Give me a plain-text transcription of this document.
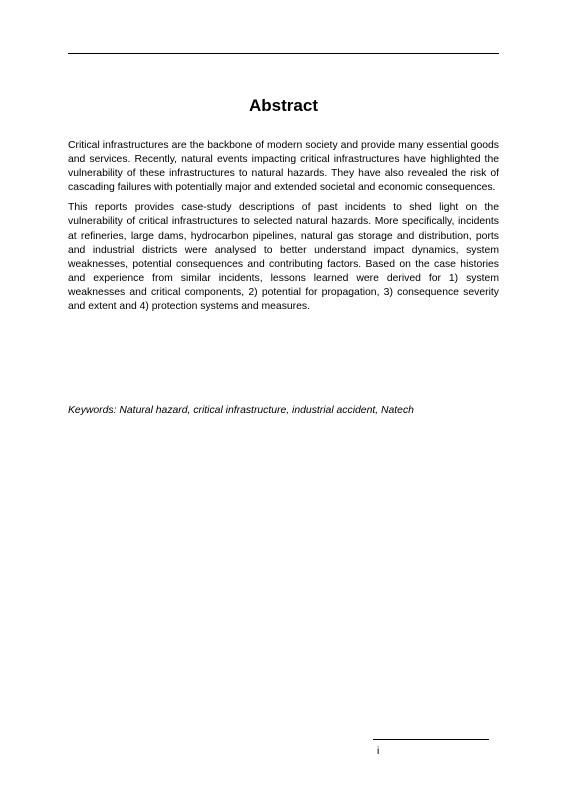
Abstract

Critical infrastructures are the backbone of modern society and provide many essential goods and services. Recently, natural events impacting critical infrastructures have highlighted the vulnerability of these infrastructures to natural hazards. They have also revealed the risk of cascading failures with potentially major and extended societal and economic consequences.

This reports provides case-study descriptions of past incidents to shed light on the vulnerability of critical infrastructures to selected natural hazards. More specifically, incidents at refineries, large dams, hydrocarbon pipelines, natural gas storage and distribution, ports and industrial districts were analysed to better understand impact dynamics, system weaknesses, potential consequences and contributing factors. Based on the case histories and experience from similar incidents, lessons learned were derived for 1) system weaknesses and critical components, 2) potential for propagation, 3) consequence severity and extent and 4) protection systems and measures.

Keywords: Natural hazard, critical infrastructure, industrial accident, Natech

i
